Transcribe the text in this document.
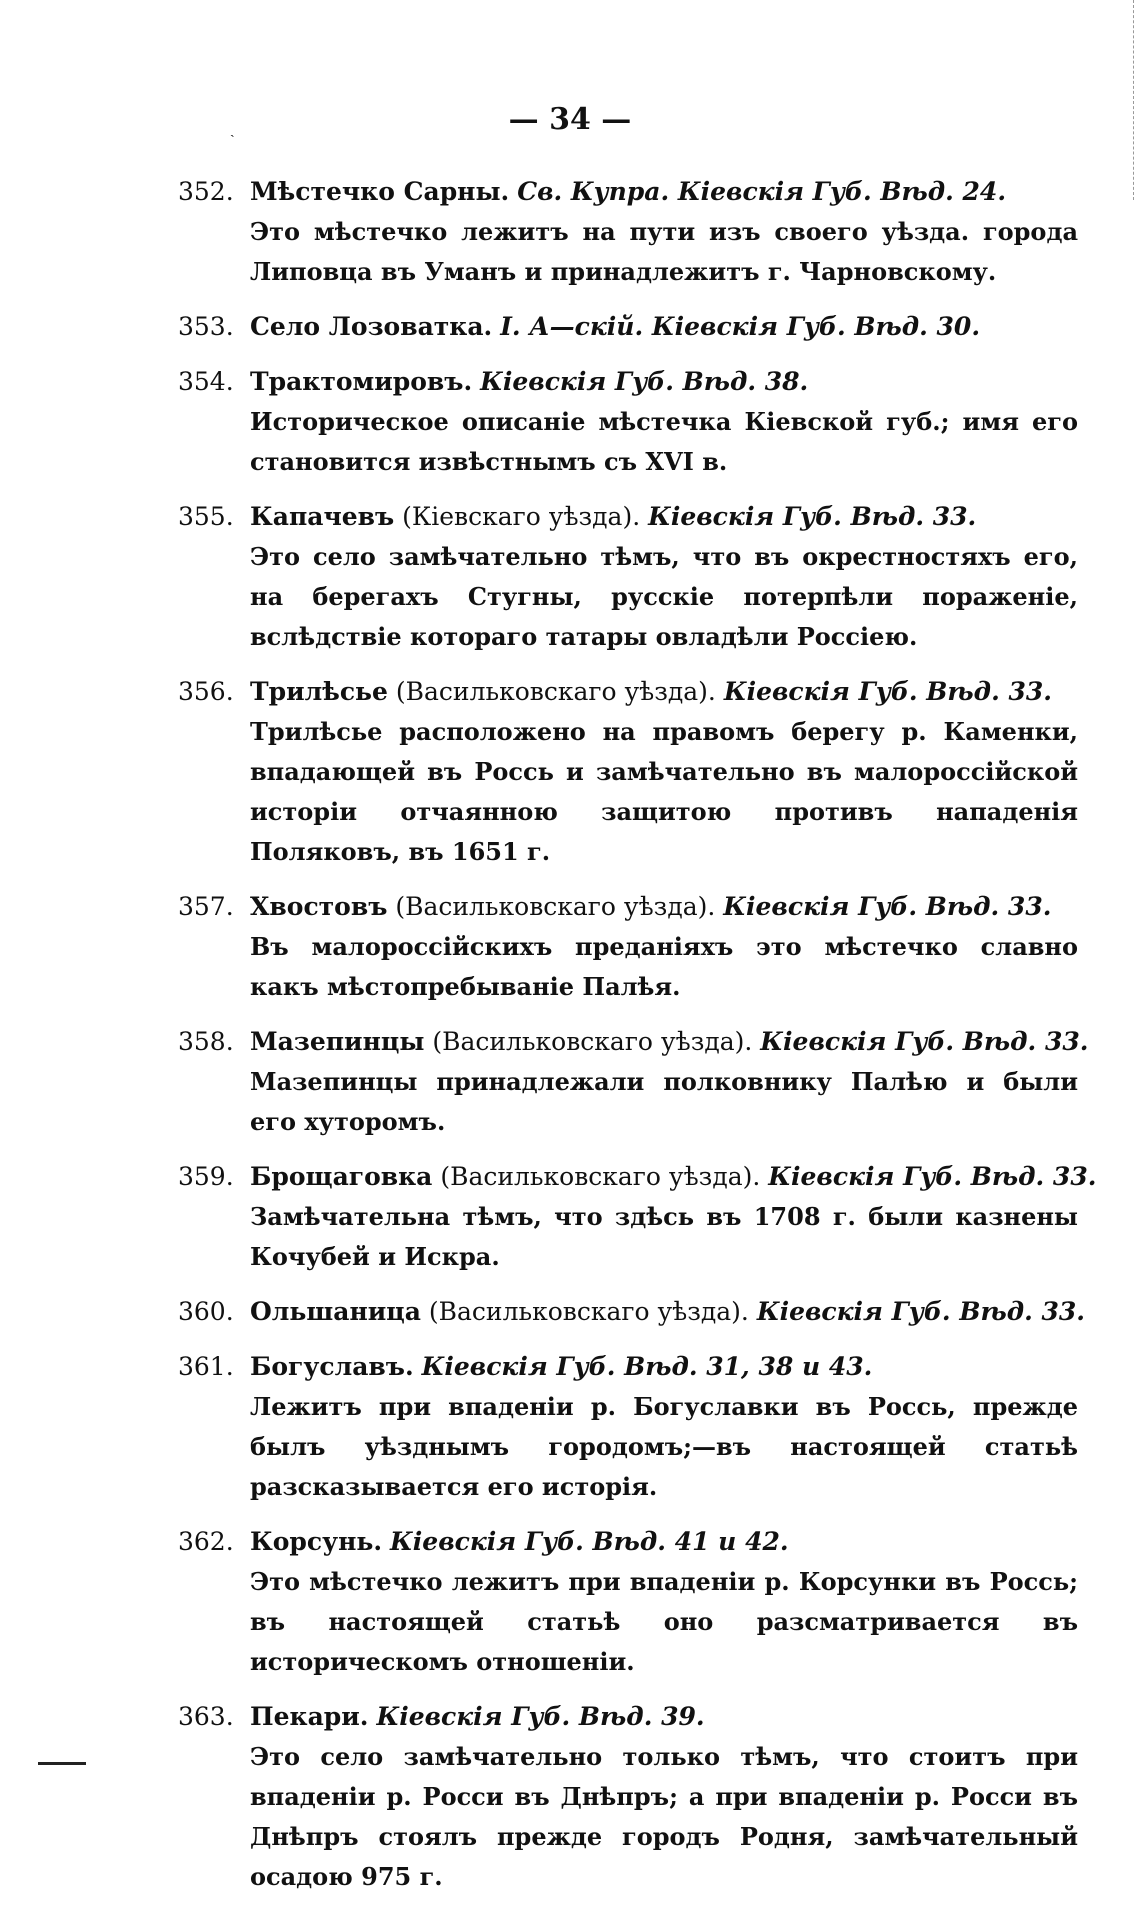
ˎ	— 34 —
352. Мѣстечко Сарны. Св. Купра. Кіевскія Губ. Вѣд. 24.
Это мѣстечко лежитъ на пути изъ своего уѣзда. города Липовца въ Уманъ и принадлежитъ г. Чарновскому.
353. Село Лозоватка. І. А—скій. Кіевскія Губ. Вѣд. 30.
354. Трактомировъ. Кіевскія Губ. Вѣд. 38.
Историческое описаніе мѣстечка Кіевской губ.; имя его становится извѣстнымъ съ XVI в.
355. Капачевъ (Кіевскаго уѣзда). Кіевскія Губ. Вѣд. 33.
Это село замѣчательно тѣмъ, что въ окрестностяхъ его, на берегахъ Стугны, русскіе потерпѣли пораженіе, вслѣдствіе котораго татары овладѣли Россіею.
356. Трилѣсье (Васильковскаго уѣзда). Кіевскія Губ. Вѣд. 33.
Трилѣсье расположено на правомъ берегу р. Каменки, впадающей въ Россь и замѣчательно въ малороссійской исторіи отчаянною защитою противъ нападенія Поляковъ, въ 1651 г.
357. Хвостовъ (Васильковскаго уѣзда). Кіевскія Губ. Вѣд. 33.
Въ малороссійскихъ преданіяхъ это мѣстечко славно какъ мѣстопребываніе Палѣя.
358. Мазепинцы (Васильковскаго уѣзда). Кіевскія Губ. Вѣд. 33.
Мазепинцы принадлежали полковнику Палѣю и были его хуторомъ.
359. Брощаговка (Васильковскаго уѣзда). Кіевскія Губ. Вѣд. 33.
Замѣчательна тѣмъ, что здѣсь въ 1708 г. были казнены Кочубей и Искра.
360. Ольшаница (Васильковскаго уѣзда). Кіевскія Губ. Вѣд. 33.
361. Богуславъ. Кіевскія Губ. Вѣд. 31, 38 и 43.
Лежитъ при впаденіи р. Богуславки въ Россь, прежде былъ уѣзднымъ городомъ;—въ настоящей статьѣ разсказывается его исторія.
362. Корсунь. Кіевскія Губ. Вѣд. 41 и 42.
Это мѣстечко лежитъ при впаденіи р. Корсунки въ Россь; въ настоящей статьѣ оно разсматривается въ историческомъ отношеніи.
363. Пекари. Кіевскія Губ. Вѣд. 39.
Это село замѣчательно только тѣмъ, что стоитъ при впаденіи р. Росси въ Днѣпръ; а при впаденіи р. Росси въ Днѣпръ стоялъ прежде городъ Родня, замѣчательный осадою 975 г.
